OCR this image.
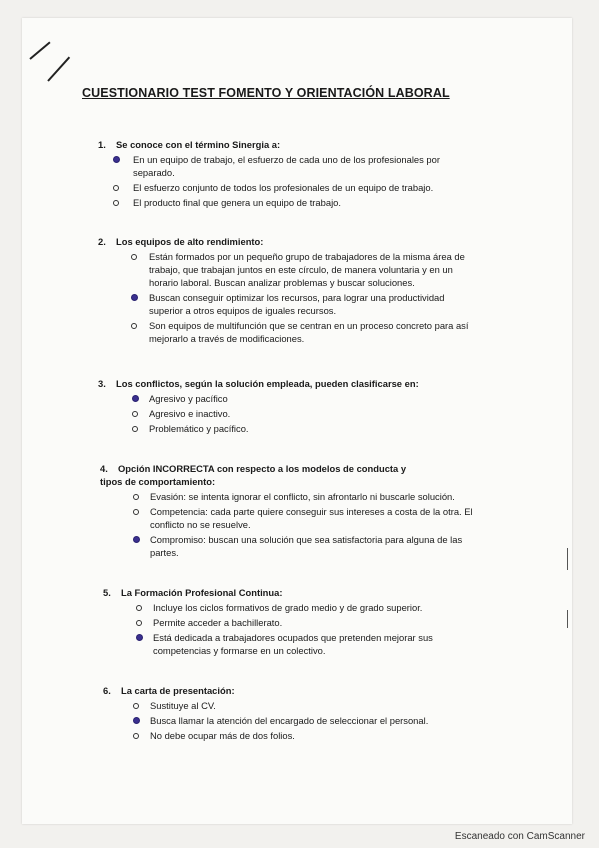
CUESTIONARIO TEST FOMENTO Y ORIENTACIÓN LABORAL
1. Se conoce con el término Sinergia a:
En un equipo de trabajo, el esfuerzo de cada uno de los profesionales por separado.
El esfuerzo conjunto de todos los profesionales de un equipo de trabajo.
El producto final que genera un equipo de trabajo.
2. Los equipos de alto rendimiento:
Están formados por un pequeño grupo de trabajadores de la misma área de trabajo, que trabajan juntos en este círculo, de manera voluntaria y en un horario laboral. Buscan analizar problemas y buscar soluciones.
Buscan conseguir optimizar los recursos, para lograr una productividad superior a otros equipos de iguales recursos.
Son equipos de multifunción que se centran en un proceso concreto para así mejorarlo a través de modificaciones.
3. Los conflictos, según la solución empleada, pueden clasificarse en:
Agresivo y pacífico
Agresivo e inactivo.
Problemático y pacífico.
4. Opción INCORRECTA con respecto a los modelos de conducta y tipos de comportamiento:
Evasión: se intenta ignorar el conflicto, sin afrontarlo ni buscarle solución.
Competencia: cada parte quiere conseguir sus intereses a costa de la otra. El conflicto no se resuelve.
Compromiso: buscan una solución que sea satisfactoria para alguna de las partes.
5. La Formación Profesional Continua:
Incluye los ciclos formativos de grado medio y de grado superior.
Permite acceder a bachillerato.
Está dedicada a trabajadores ocupados que pretenden mejorar sus competencias y formarse en un colectivo.
6. La carta de presentación:
Sustituye al CV.
Busca llamar la atención del encargado de seleccionar el personal.
No debe ocupar más de dos folios.
Escaneado con CamScanner
